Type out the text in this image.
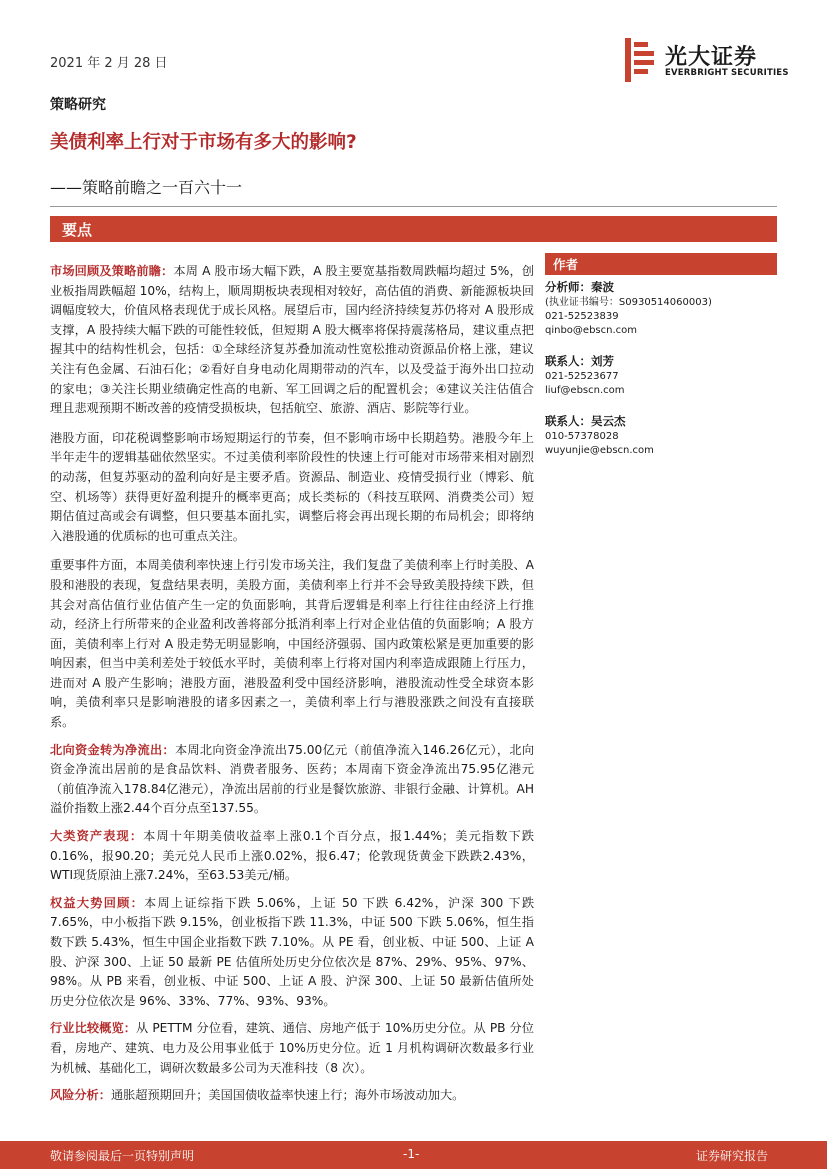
2021 年 2 月 28 日	光大证券
EVERBRIGHT SECURITIES
策略研究
美债利率上行对于市场有多大的影响?
——策略前瞻之一百六十一
要点

市场回顾及策略前瞻：本周 A 股市场大幅下跌，A 股主要宽基指数周跌幅均超过 5%，创业板指周跌幅超 10%，结构上，顺周期板块表现相对较好，高估值的消费、新能源板块回调幅度较大，价值风格表现优于成长风格。展望后市，国内经济持续复苏仍将对 A 股形成支撑，A 股持续大幅下跌的可能性较低，但短期 A 股大概率将保持震荡格局，建议重点把握其中的结构性机会，包括：①全球经济复苏叠加流动性宽松推动资源品价格上涨，建议关注有色金属、石油石化；②看好自身电动化周期带动的汽车，以及受益于海外出口拉动的家电；③关注长期业绩确定性高的电新、军工回调之后的配置机会；④建议关注估值合理且悲观预期不断改善的疫情受损板块，包括航空、旅游、酒店、影院等行业。

港股方面，印花税调整影响市场短期运行的节奏，但不影响市场中长期趋势。港股今年上半年走牛的逻辑基础依然坚实。不过美债利率阶段性的快速上行可能对市场带来相对剧烈的动荡，但复苏驱动的盈利向好是主要矛盾。资源品、制造业、疫情受损行业（博彩、航空、机场等）获得更好盈利提升的概率更高；成长类标的（科技互联网、消费类公司）短期估值过高或会有调整，但只要基本面扎实，调整后将会再出现长期的布局机会；即将纳入港股通的优质标的也可重点关注。

重要事件方面，本周美债利率快速上行引发市场关注，我们复盘了美债利率上行时美股、A 股和港股的表现，复盘结果表明，美股方面，美债利率上行并不会导致美股持续下跌，但其会对高估值行业估值产生一定的负面影响，其背后逻辑是利率上行往往由经济上行推动，经济上行所带来的企业盈利改善将部分抵消利率上行对企业估值的负面影响；A 股方面，美债利率上行对 A 股走势无明显影响，中国经济强弱、国内政策松紧是更加重要的影响因素，但当中美利差处于较低水平时，美债利率上行将对国内利率造成跟随上行压力，进而对 A 股产生影响；港股方面，港股盈利受中国经济影响，港股流动性受全球资本影响，美债利率只是影响港股的诸多因素之一，美债利率上行与港股涨跌之间没有直接联系。

北向资金转为净流出：本周北向资金净流出75.00亿元（前值净流入146.26亿元），北向资金净流出居前的是食品饮料、消费者服务、医药；本周南下资金净流出75.95亿港元（前值净流入178.84亿港元），净流出居前的行业是餐饮旅游、非银行金融、计算机。AH溢价指数上涨2.44个百分点至137.55。

大类资产表现：本周十年期美债收益率上涨0.1个百分点，报1.44%；美元指数下跌0.16%，报90.20；美元兑人民币上涨0.02%，报6.47；伦敦现货黄金下跌跌2.43%，WTI现货原油上涨7.24%，至63.53美元/桶。

权益大势回顾：本周上证综指下跌 5.06%，上证 50 下跌 6.42%，沪深 300 下跌 7.65%，中小板指下跌 9.15%，创业板指下跌 11.3%，中证 500 下跌 5.06%，恒生指数下跌 5.43%，恒生中国企业指数下跌 7.10%。从 PE 看，创业板、中证 500、上证 A 股、沪深 300、上证 50 最新 PE 估值所处历史分位依次是 87%、29%、95%、97%、98%。从 PB 来看，创业板、中证 500、上证 A 股、沪深 300、上证 50 最新估值所处历史分位依次是 96%、33%、77%、93%、93%。

行业比较概览：从 PETTM 分位看，建筑、通信、房地产低于 10%历史分位。从 PB 分位看，房地产、建筑、电力及公用事业低于 10%历史分位。近 1 月机构调研次数最多行业为机械、基础化工，调研次数最多公司为天准科技（8 次）。

风险分析：通胀超预期回升；美国国债收益率快速上行；海外市场波动加大。

作者
分析师：秦波
(执业证书编号：S0930514060003)
021-52523839
qinbo@ebscn.com
联系人：刘芳
021-52523677
liuf@ebscn.com
联系人：吴云杰
010-57378028
wuyunjie@ebscn.com
敬请参阅最后一页特别声明	-1-	证券研究报告
